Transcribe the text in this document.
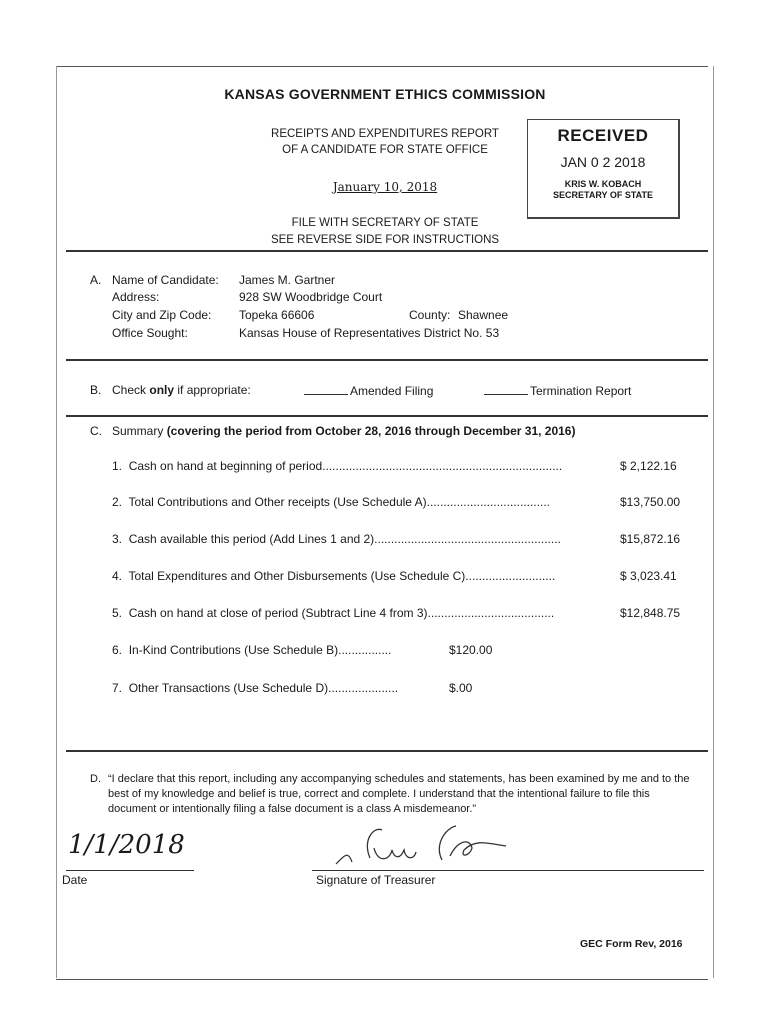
KANSAS GOVERNMENT ETHICS COMMISSION
RECEIPTS AND EXPENDITURES REPORT
OF A CANDIDATE FOR STATE OFFICE
January 10, 2018
FILE WITH SECRETARY OF STATE
SEE REVERSE SIDE FOR INSTRUCTIONS
RECEIVED
JAN 0 2 2018
KRIS W. KOBACH
SECRETARY OF STATE
A. Name of Candidate: James M. Gartner
Address:	928 SW Woodbridge Court
City and Zip Code: Topeka 66606	County: Shawnee
Office Sought:	Kansas House of Representatives District No. 53
B. Check only if appropriate:	Amended Filing	Termination Report
C. Summary (covering the period from October 28, 2016 through December 31, 2016)
1. Cash on hand at beginning of period........................................................................	$ 2,122.16
2. Total Contributions and Other receipts (Use Schedule A).....................................	$13,750.00
3. Cash available this period (Add Lines 1 and 2)........................................................	$15,872.16
4. Total Expenditures and Other Disbursements (Use Schedule C)...........................	$ 3,023.41
5. Cash on hand at close of period (Subtract Line 4 from 3)......................................	$12,848.75
6. In-Kind Contributions (Use Schedule B)................	$120.00
7. Other Transactions (Use Schedule D).....................	$.00
D. “I declare that this report, including any accompanying schedules and statements, has been examined by me and to the best of my knowledge and belief is true, correct and complete. I understand that the intentional failure to file this document or intentionally filing a false document is a class A misdemeanor.”
1/1/2018
Date	Signature of Treasurer
GEC Form Rev, 2016
